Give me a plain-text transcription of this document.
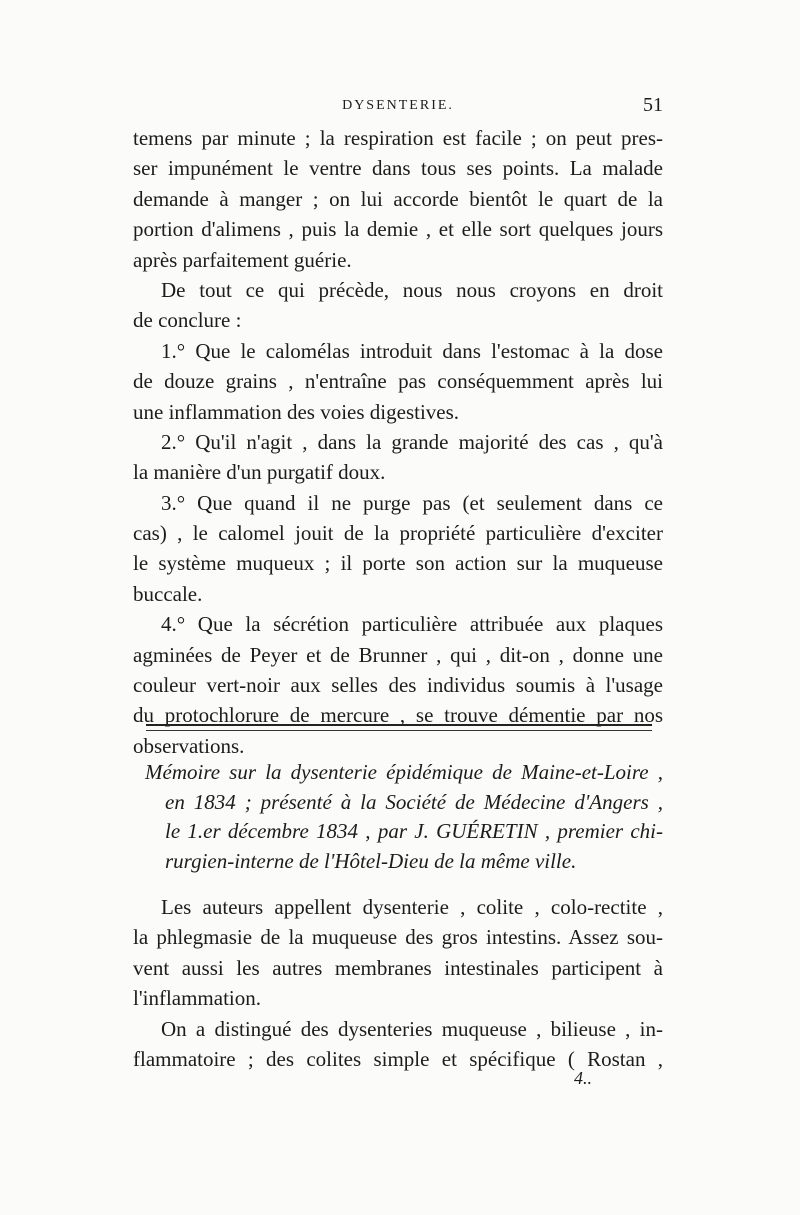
DYSENTERIE.	51
temens par minute ; la respiration est facile ; on peut pres-
ser impunément le ventre dans tous ses points. La malade
demande à manger ; on lui accorde bientôt le quart de la
portion d'alimens , puis la demie , et elle sort quelques jours
après parfaitement guérie.
De tout ce qui précède, nous nous croyons en droit
de conclure :
1.° Que le calomélas introduit dans l'estomac à la dose
de douze grains , n'entraîne pas conséquemment après lui
une inflammation des voies digestives.
2.° Qu'il n'agit , dans la grande majorité des cas , qu'à
la manière d'un purgatif doux.
3.° Que quand il ne purge pas (et seulement dans ce
cas) , le calomel jouit de la propriété particulière d'exciter
le système muqueux ; il porte son action sur la muqueuse
buccale.
4.° Que la sécrétion particulière attribuée aux plaques
agminées de Peyer et de Brunner , qui , dit-on , donne une
couleur vert-noir aux selles des individus soumis à l'usage
du protochlorure de mercure , se trouve démentie par nos
observations.
Mémoire sur la dysenterie épidémique de Maine-et-Loire ,
en 1834 ; présenté à la Société de Médecine d'Angers ,
le 1.er décembre 1834 , par J. GUÉRETIN , premier chi-
rurgien-interne de l'Hôtel-Dieu de la même ville.
Les auteurs appellent dysenterie , colite , colo-rectite ,
la phlegmasie de la muqueuse des gros intestins. Assez sou-
vent aussi les autres membranes intestinales participent à
l'inflammation.
On a distingué des dysenteries muqueuse , bilieuse , in-
flammatoire ; des colites simple et spécifique ( Rostan ,
4..
